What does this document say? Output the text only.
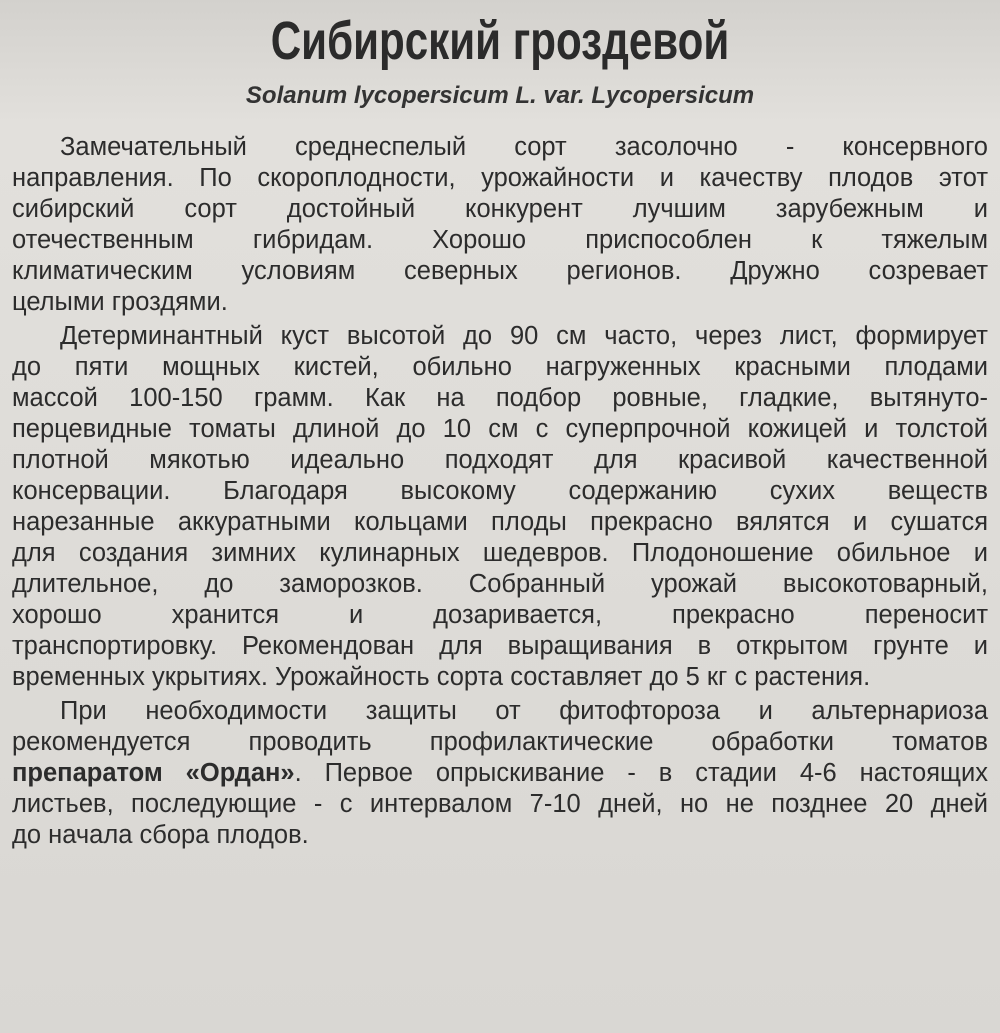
Сибирский гроздевой

Solanum lycopersicum L. var. Lycopersicum

Замечательный среднеспелый сорт засолочно - консервного
направления. По скороплодности, урожайности и качеству плодов этот
сибирский сорт достойный конкурент лучшим зарубежным и
отечественным гибридам. Хорошо приспособлен к тяжелым
климатическим условиям северных регионов. Дружно созревает
целыми гроздями.

Детерминантный куст высотой до 90 см часто, через лист, формирует
до пяти мощных кистей, обильно нагруженных красными плодами
массой 100-150 грамм. Как на подбор ровные, гладкие, вытянуто-
перцевидные томаты длиной до 10 см с суперпрочной кожицей и толстой
плотной мякотью идеально подходят для красивой качественной
консервации. Благодаря высокому содержанию сухих веществ
нарезанные аккуратными кольцами плоды прекрасно вялятся и сушатся
для создания зимних кулинарных шедевров. Плодоношение обильное и
длительное, до заморозков. Собранный урожай высокотоварный,
хорошо хранится и дозаривается, прекрасно переносит
транспортировку. Рекомендован для выращивания в открытом грунте и
временных укрытиях. Урожайность сорта составляет до 5 кг с растения.

При необходимости защиты от фитофтороза и альтернариоза
рекомендуется проводить профилактические обработки томатов
препаратом «Ордан». Первое опрыскивание - в стадии 4-6 настоящих
листьев, последующие - с интервалом 7-10 дней, но не позднее 20 дней
до начала сбора плодов.
